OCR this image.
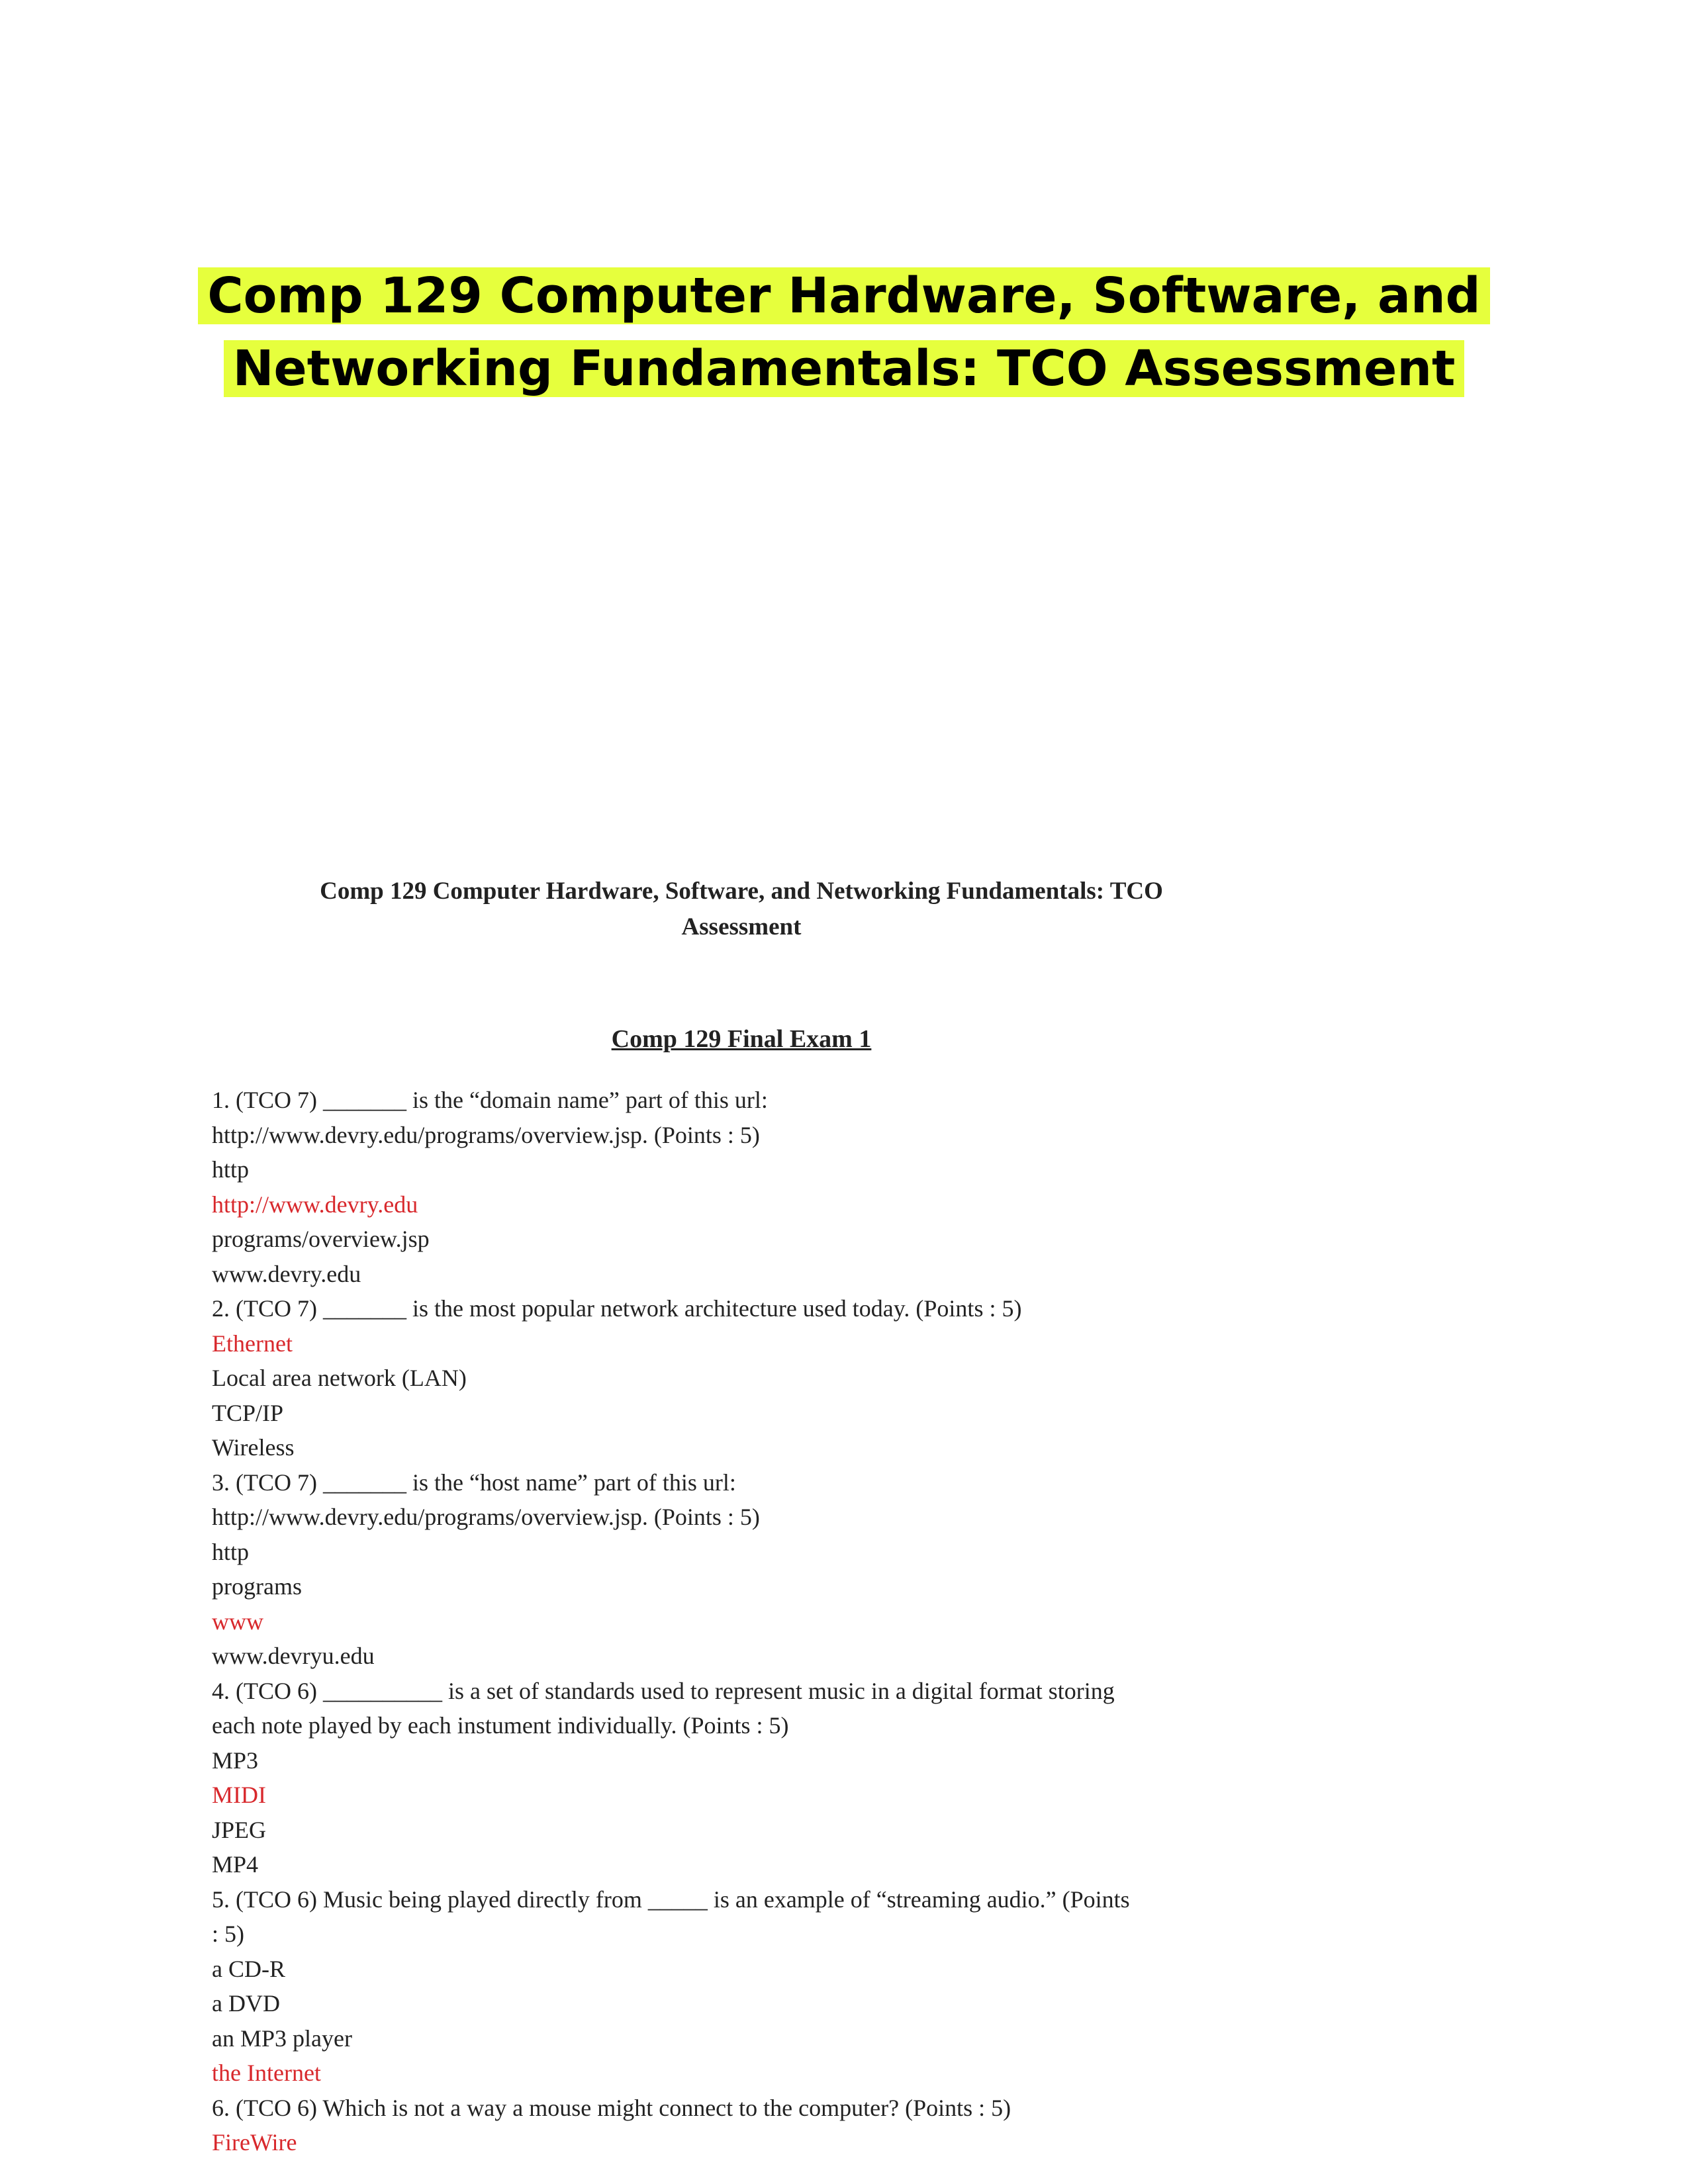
Comp 129 Computer Hardware, Software, and
Networking Fundamentals: TCO Assessment
Comp 129 Computer Hardware, Software, and Networking Fundamentals: TCO
Assessment
Comp 129 Final Exam 1
1. (TCO 7) _______ is the “domain name” part of this url:
http://www.devry.edu/programs/overview.jsp. (Points : 5)
http
http://www.devry.edu
programs/overview.jsp
www.devry.edu
2. (TCO 7) _______ is the most popular network architecture used today. (Points : 5)
Ethernet
Local area network (LAN)
TCP/IP
Wireless
3. (TCO 7) _______ is the “host name” part of this url:
http://www.devry.edu/programs/overview.jsp. (Points : 5)
http
programs
www
www.devryu.edu
4. (TCO 6) __________ is a set of standards used to represent music in a digital format storing
each note played by each instument individually. (Points : 5)
MP3
MIDI
JPEG
MP4
5. (TCO 6) Music being played directly from _____ is an example of “streaming audio.” (Points
: 5)
a CD-R
a DVD
an MP3 player
the Internet
6. (TCO 6) Which is not a way a mouse might connect to the computer? (Points : 5)
FireWire
